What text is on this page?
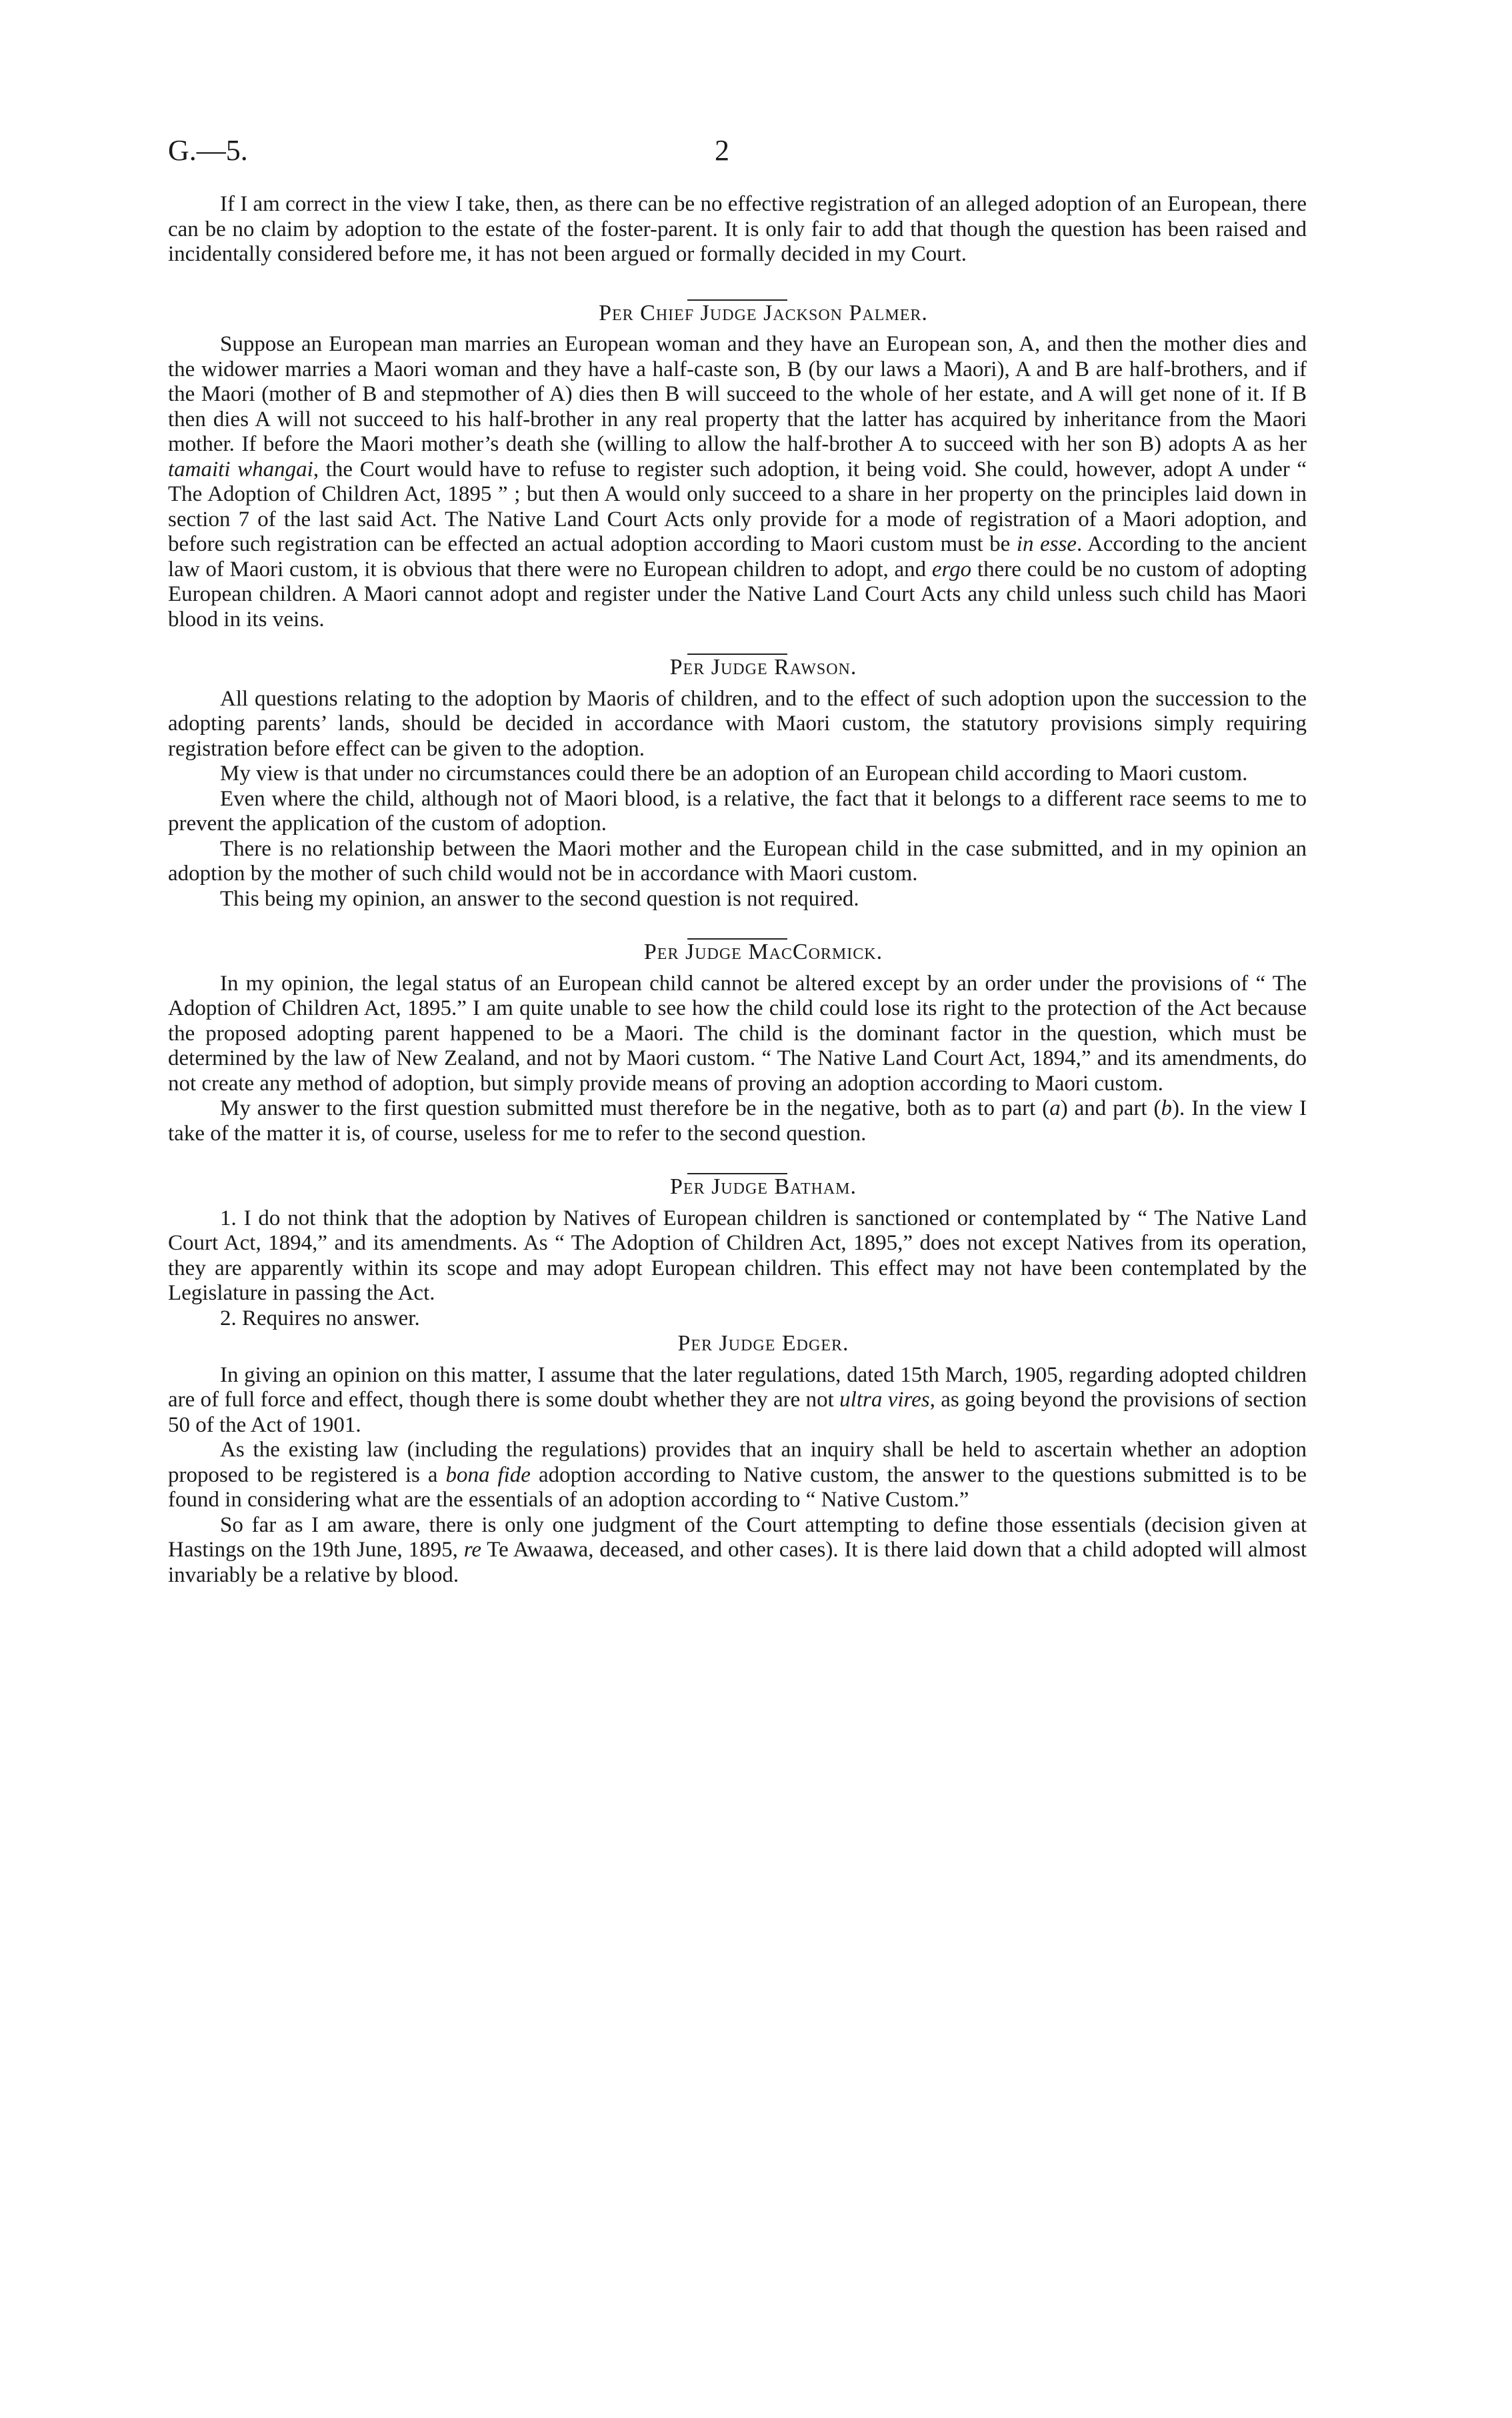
G.—5.	2

If I am correct in the view I take, then, as there can be no effective registration of an alleged adoption of an European, there can be no claim by adoption to the estate of the foster-parent. It is only fair to add that though the question has been raised and incidentally considered before me, it has not been argued or formally decided in my Court.

Per Chief Judge Jackson Palmer.

Suppose an European man marries an European woman and they have an European son, A, and then the mother dies and the widower marries a Maori woman and they have a half-caste son, B (by our laws a Maori), A and B are half-brothers, and if the Maori (mother of B and stepmother of A) dies then B will succeed to the whole of her estate, and A will get none of it. If B then dies A will not succeed to his half-brother in any real property that the latter has acquired by inheritance from the Maori mother. If before the Maori mother’s death she (willing to allow the half-brother A to succeed with her son B) adopts A as her tamaiti whangai, the Court would have to refuse to register such adoption, it being void. She could, however, adopt A under “ The Adoption of Children Act, 1895 ” ; but then A would only succeed to a share in her property on the principles laid down in section 7 of the last said Act. The Native Land Court Acts only provide for a mode of registration of a Maori adoption, and before such registration can be effected an actual adoption according to Maori custom must be in esse. According to the ancient law of Maori custom, it is obvious that there were no European children to adopt, and ergo there could be no custom of adopting European children. A Maori cannot adopt and register under the Native Land Court Acts any child unless such child has Maori blood in its veins.

Per Judge Rawson.

All questions relating to the adoption by Maoris of children, and to the effect of such adoption upon the succession to the adopting parents’ lands, should be decided in accordance with Maori custom, the statutory provisions simply requiring registration before effect can be given to the adoption.

My view is that under no circumstances could there be an adoption of an European child according to Maori custom.

Even where the child, although not of Maori blood, is a relative, the fact that it belongs to a different race seems to me to prevent the application of the custom of adoption.

There is no relationship between the Maori mother and the European child in the case submitted, and in my opinion an adoption by the mother of such child would not be in accordance with Maori custom.

This being my opinion, an answer to the second question is not required.

Per Judge MacCormick.

In my opinion, the legal status of an European child cannot be altered except by an order under the provisions of “ The Adoption of Children Act, 1895.” I am quite unable to see how the child could lose its right to the protection of the Act because the proposed adopting parent happened to be a Maori. The child is the dominant factor in the question, which must be determined by the law of New Zealand, and not by Maori custom. “ The Native Land Court Act, 1894,” and its amendments, do not create any method of adoption, but simply provide means of proving an adoption according to Maori custom.

My answer to the first question submitted must therefore be in the negative, both as to part (a) and part (b). In the view I take of the matter it is, of course, useless for me to refer to the second question.

Per Judge Batham.

1. I do not think that the adoption by Natives of European children is sanctioned or contemplated by “ The Native Land Court Act, 1894,” and its amendments. As “ The Adoption of Children Act, 1895,” does not except Natives from its operation, they are apparently within its scope and may adopt European children. This effect may not have been contemplated by the Legislature in passing the Act.

2. Requires no answer.

Per Judge Edger.

In giving an opinion on this matter, I assume that the later regulations, dated 15th March, 1905, regarding adopted children are of full force and effect, though there is some doubt whether they are not ultra vires, as going beyond the provisions of section 50 of the Act of 1901.

As the existing law (including the regulations) provides that an inquiry shall be held to ascertain whether an adoption proposed to be registered is a bona fide adoption according to Native custom, the answer to the questions submitted is to be found in considering what are the essentials of an adoption according to “ Native Custom.”

So far as I am aware, there is only one judgment of the Court attempting to define those essentials (decision given at Hastings on the 19th June, 1895, re Te Awaawa, deceased, and other cases). It is there laid down that a child adopted will almost invariably be a relative by blood.
